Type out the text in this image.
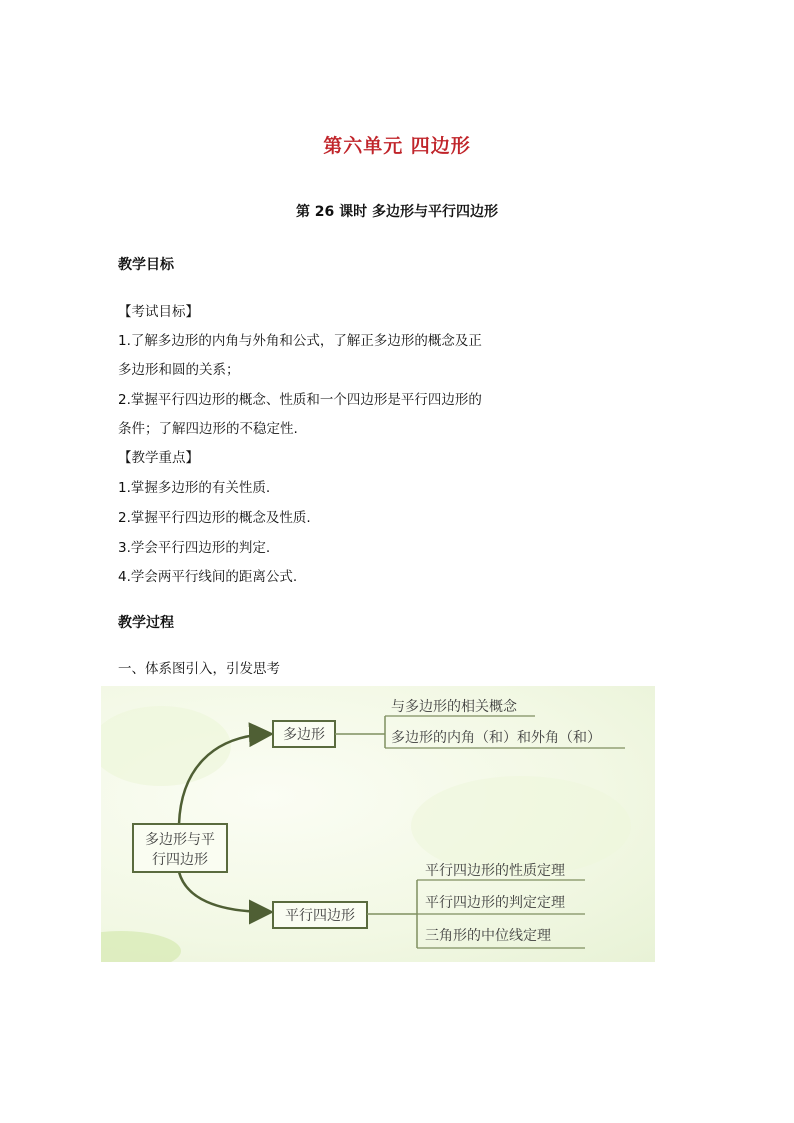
第六单元 四边形
第 26 课时 多边形与平行四边形
教学目标
【考试目标】
1.了解多边形的内角与外角和公式，了解正多边形的概念及正
多边形和圆的关系；
2.掌握平行四边形的概念、性质和一个四边形是平行四边形的
条件；了解四边形的不稳定性.
【教学重点】
1.掌握多边形的有关性质.
2.掌握平行四边形的概念及性质.
3.学会平行四边形的判定.
4.学会两平行线间的距离公式.
教学过程
一、体系图引入，引发思考
多边形与平
行四边形
多边形
与多边形的相关概念
多边形的内角（和）和外角（和）
平行四边形
平行四边形的性质定理
平行四边形的判定定理
三角形的中位线定理
